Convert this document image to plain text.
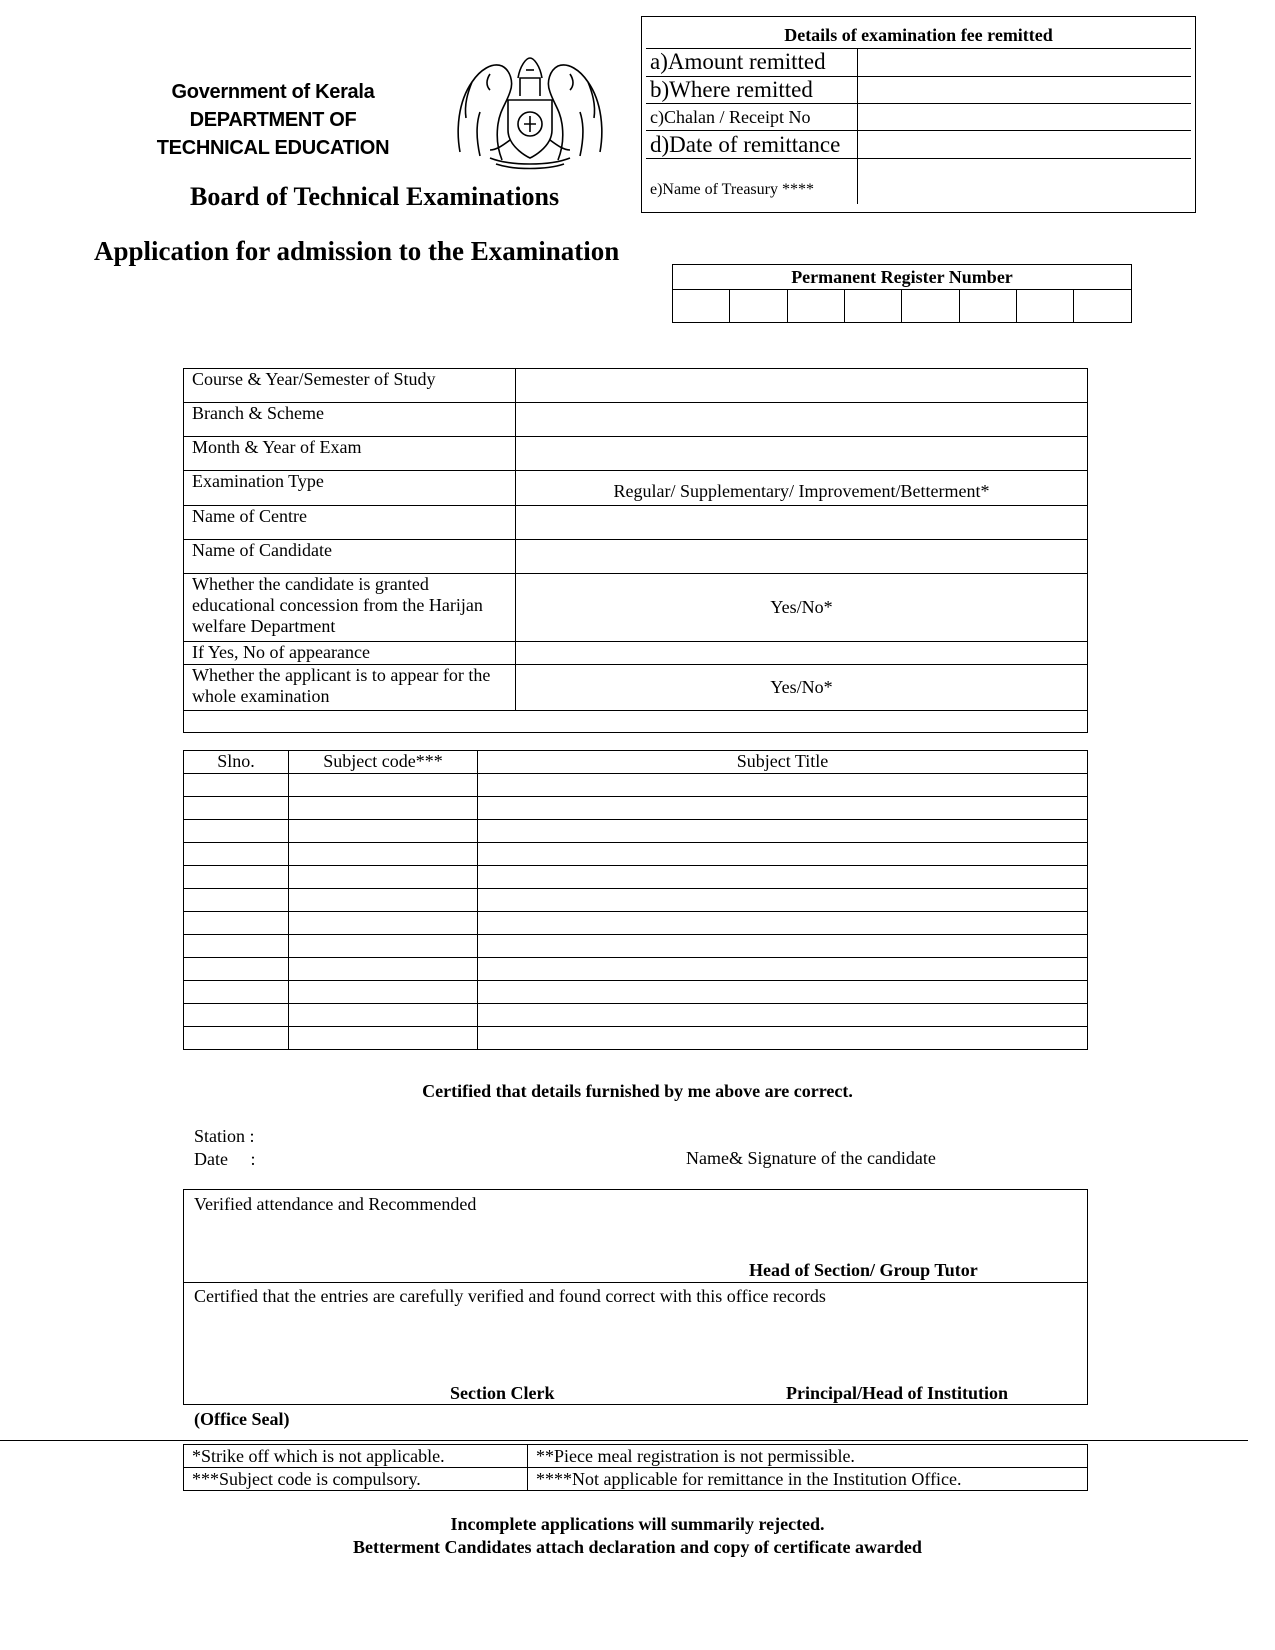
Government of Kerala
DEPARTMENT OF
TECHNICAL EDUCATION
Board of Technical Examinations
Application for admission to the Examination
Details of examination fee remitted
a)Amount remitted
b)Where remitted
c)Chalan / Receipt No
d)Date of remittance
e)Name of Treasury ****
Permanent Register Number

Course & Year/Semester of Study	
Branch & Scheme	
Month & Year of Exam	
Examination Type	Regular/ Supplementary/ Improvement/Betterment*
Name of Centre	
Name of Candidate	
Whether the candidate is granted educational concession from the Harijan welfare Department	Yes/No*
If Yes, No of appearance	
Whether the applicant is to appear for the whole examination	Yes/No*

Slno.	Subject code***	Subject Title

Certified that details furnished by me above are correct.
Station :
Date     :	Name& Signature of the candidate
Verified attendance and Recommended
Head of Section/ Group Tutor
Certified that the entries are carefully verified and found correct with this office records
Section Clerk	Principal/Head of Institution
(Office Seal)
*Strike off which is not applicable.	**Piece meal registration is not permissible.
***Subject code is compulsory.	****Not applicable for remittance in the Institution Office.
Incomplete applications will summarily rejected.
Betterment Candidates attach declaration and copy of certificate awarded
